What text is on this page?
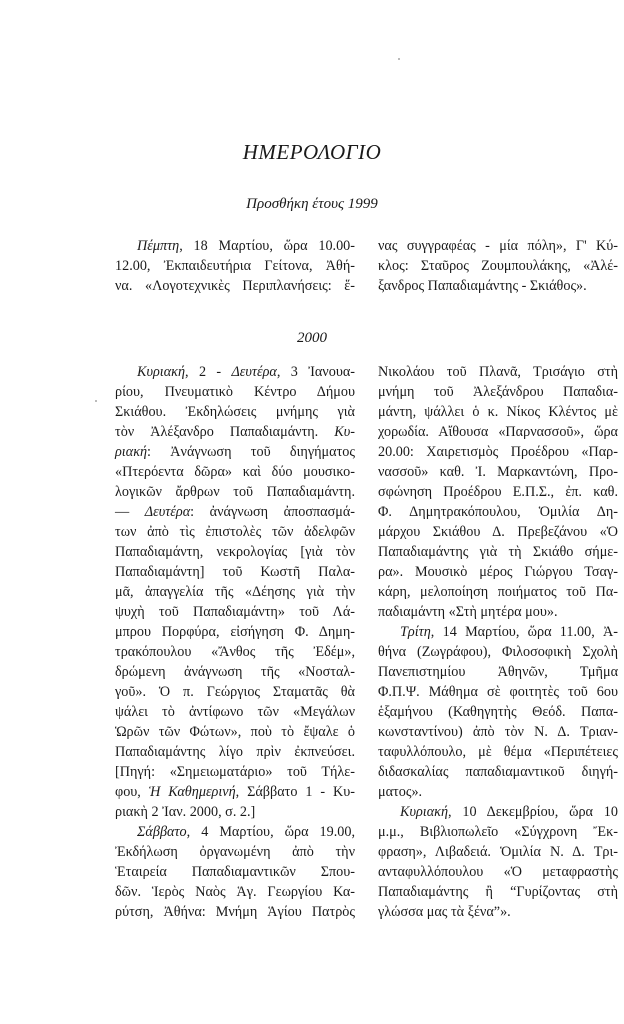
ΗΜΕΡΟΛΟΓΙΟ
Προσθήκη έτους 1999
Πέμπτη, 18 Μαρτίου, ὥρα 10.00-
12.00, Ἐκπαιδευτήρια Γείτονα, Ἀθή-
να. «Λογοτεχνικὲς Περιπλανήσεις: ἕ-
νας συγγραφέας - μία πόλη», Γ' Κύ-
κλος: Σταῦρος Ζουμπουλάκης, «Ἀλέ-
ξανδρος Παπαδιαμάντης - Σκιάθος».
2000
Κυριακή, 2 - Δευτέρα, 3 Ἰανουα-
ρίου, Πνευματικὸ Κέντρο Δήμου
Σκιάθου. Ἐκδηλώσεις μνήμης γιὰ
τὸν Ἀλέξανδρο Παπαδιαμάντη. Κυ-
ριακή: Ἀνάγνωση τοῦ διηγήματος
«Πτερόεντα δῶρα» καὶ δύο μουσικο-
λογικῶν ἄρθρων τοῦ Παπαδιαμάντη.
— Δευτέρα: ἀνάγνωση ἀποσπασμά-
των ἀπὸ τὶς ἐπιστολὲς τῶν ἀδελφῶν
Παπαδιαμάντη, νεκρολογίας [γιὰ τὸν
Παπαδιαμάντη] τοῦ Κωστῆ Παλα-
μᾶ, ἀπαγγελία τῆς «Δέησης γιὰ τὴν
ψυχὴ τοῦ Παπαδιαμάντη» τοῦ Λά-
μπρου Πορφύρα, εἰσήγηση Φ. Δημη-
τρακόπουλου «Ἄνθος τῆς Ἐδέμ»,
δρώμενη ἀνάγνωση τῆς «Νοσταλ-
γοῦ». Ὁ π. Γεώργιος Σταματᾶς θὰ
ψάλει τὸ ἀντίφωνο τῶν «Μεγάλων
Ὡρῶν τῶν Φώτων», ποὺ τὸ ἔψαλε ὁ
Παπαδιαμάντης λίγο πρὶν ἐκπνεύσει.
[Πηγή: «Σημειωματάριο» τοῦ Τήλε-
φου, Ἡ Καθημερινή, Σάββατο 1 - Κυ-
ριακὴ 2 Ἰαν. 2000, σ. 2.]
Σάββατο, 4 Μαρτίου, ὥρα 19.00,
Ἐκδήλωση ὀργανωμένη ἀπὸ τὴν
Ἑταιρεία Παπαδιαμαντικῶν Σπου-
δῶν. Ἱερὸς Ναὸς Ἁγ. Γεωργίου Κα-
ρύτση, Ἀθήνα: Μνήμη Ἁγίου Πατρὸς
Νικολάου τοῦ Πλανᾶ, Τρισάγιο στὴ
μνήμη τοῦ Ἀλεξάνδρου Παπαδια-
μάντη, ψάλλει ὁ κ. Νίκος Κλέντος μὲ
χορωδία. Αἴθουσα «Παρνασσοῦ», ὥρα
20.00: Χαιρετισμὸς Προέδρου «Παρ-
νασσοῦ» καθ. Ἰ. Μαρκαντώνη, Προ-
σφώνηση Προέδρου Ε.Π.Σ., ἐπ. καθ.
Φ. Δημητρακόπουλου, Ὁμιλία Δη-
μάρχου Σκιάθου Δ. Πρεβεζάνου «Ὁ
Παπαδιαμάντης γιὰ τὴ Σκιάθο σήμε-
ρα». Μουσικὸ μέρος Γιώργου Τσαγ-
κάρη, μελοποίηση ποιήματος τοῦ Πα-
παδιαμάντη «Στὴ μητέρα μου».
Τρίτη, 14 Μαρτίου, ὥρα 11.00, Ἀ-
θήνα (Ζωγράφου), Φιλοσοφικὴ Σχολὴ
Πανεπιστημίου Ἀθηνῶν, Τμῆμα
Φ.Π.Ψ. Μάθημα σὲ φοιτητὲς τοῦ 6ου
ἑξαμήνου (Καθηγητὴς Θεόδ. Παπα-
κωνσταντίνου) ἀπὸ τὸν Ν. Δ. Τριαν-
ταφυλλόπουλο, μὲ θέμα «Περιπέτειες
διδασκαλίας παπαδιαμαντικοῦ διηγή-
ματος».
Κυριακή, 10 Δεκεμβρίου, ὥρα 10
μ.μ., Βιβλιοπωλεῖο «Σύγχρονη Ἔκ-
φραση», Λιβαδειά. Ὁμιλία Ν. Δ. Τρι-
ανταφυλλόπουλου «Ὁ μεταφραστὴς
Παπαδιαμάντης ἢ “Γυρίζοντας στὴ
γλώσσα μας τὰ ξένα”».
